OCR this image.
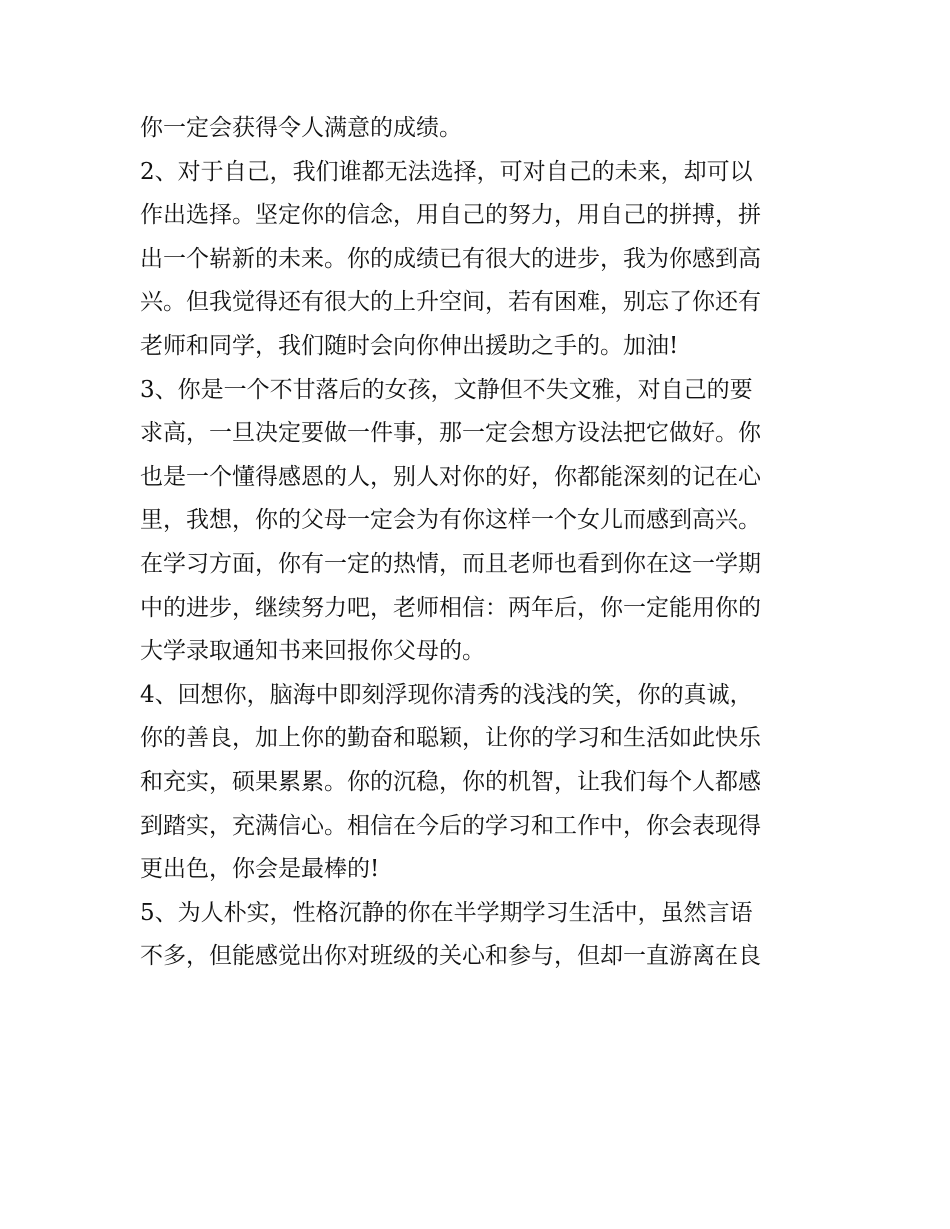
你一定会获得令人满意的成绩。
2、对于自己，我们谁都无法选择，可对自己的未来，却可以
作出选择。坚定你的信念，用自己的努力，用自己的拼搏，拼
出一个崭新的未来。你的成绩已有很大的进步，我为你感到高
兴。但我觉得还有很大的上升空间，若有困难，别忘了你还有
老师和同学，我们随时会向你伸出援助之手的。加油!
3、你是一个不甘落后的女孩，文静但不失文雅，对自己的要
求高，一旦决定要做一件事，那一定会想方设法把它做好。你
也是一个懂得感恩的人，别人对你的好，你都能深刻的记在心
里，我想，你的父母一定会为有你这样一个女儿而感到高兴。
在学习方面，你有一定的热情，而且老师也看到你在这一学期
中的进步，继续努力吧，老师相信：两年后，你一定能用你的
大学录取通知书来回报你父母的。
4、回想你，脑海中即刻浮现你清秀的浅浅的笑，你的真诚，
你的善良，加上你的勤奋和聪颖，让你的学习和生活如此快乐
和充实，硕果累累。你的沉稳，你的机智，让我们每个人都感
到踏实，充满信心。相信在今后的学习和工作中，你会表现得
更出色，你会是最棒的!
5、为人朴实，性格沉静的你在半学期学习生活中，虽然言语
不多，但能感觉出你对班级的关心和参与，但却一直游离在良
